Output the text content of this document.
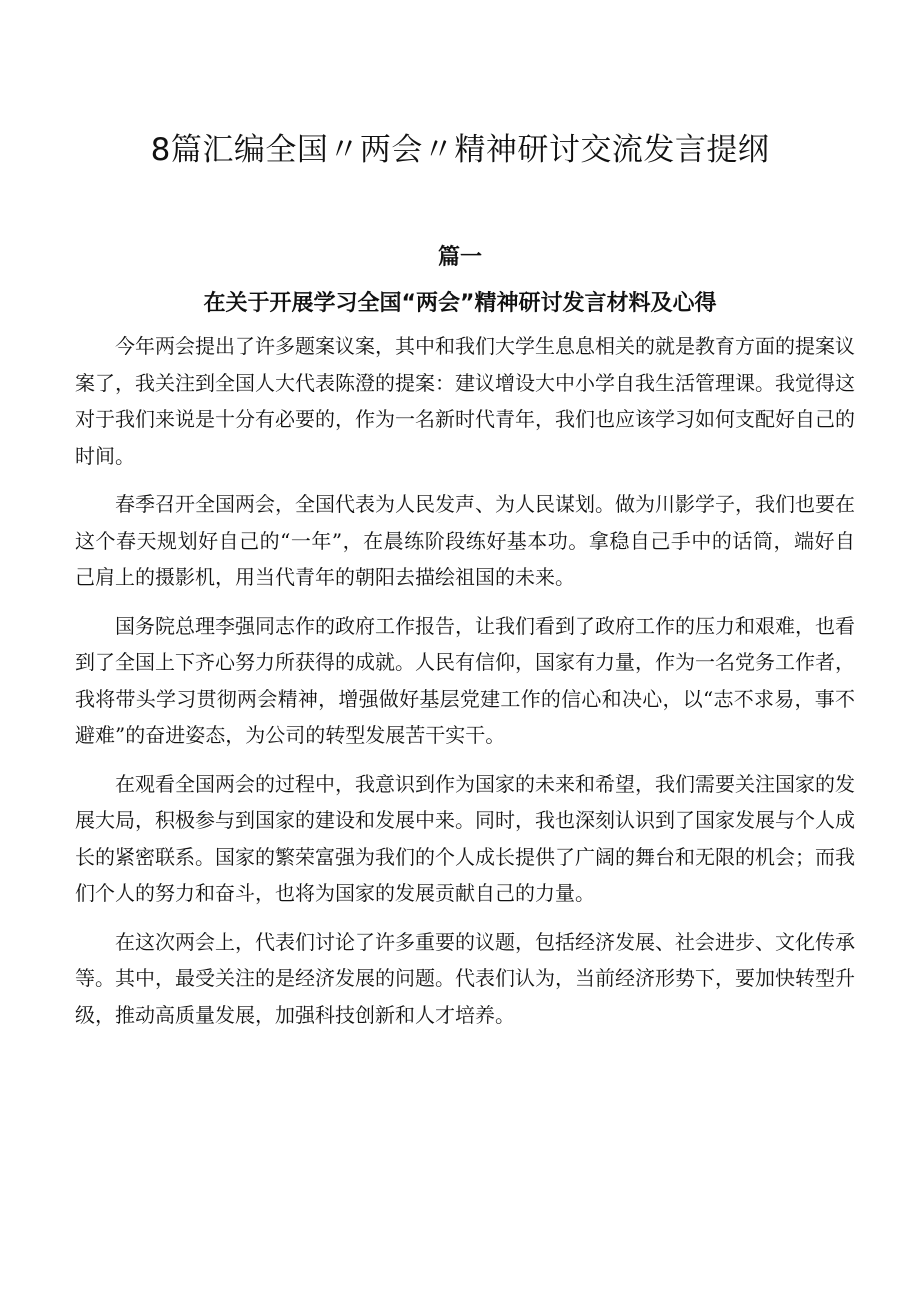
8篇汇编全国〃两会〃精神研讨交流发言提纲
篇一
在关于开展学习全国“两会”精神研讨发言材料及心得

今年两会提出了许多题案议案，其中和我们大学生息息相关的就是教育方面的提案议案了，我关注到全国人大代表陈澄的提案：建议增设大中小学自我生活管理课。我觉得这对于我们来说是十分有必要的，作为一名新时代青年，我们也应该学习如何支配好自己的时间。

春季召开全国两会，全国代表为人民发声、为人民谋划。做为川影学子，我们也要在这个春天规划好自己的“一年”，在晨练阶段练好基本功。拿稳自己手中的话筒，端好自己肩上的摄影机，用当代青年的朝阳去描绘祖国的未来。

国务院总理李强同志作的政府工作报告，让我们看到了政府工作的压力和艰难，也看到了全国上下齐心努力所获得的成就。人民有信仰，国家有力量，作为一名党务工作者，我将带头学习贯彻两会精神，增强做好基层党建工作的信心和决心，以“志不求易，事不避难”的奋进姿态，为公司的转型发展苦干实干。

在观看全国两会的过程中，我意识到作为国家的未来和希望，我们需要关注国家的发展大局，积极参与到国家的建设和发展中来。同时，我也深刻认识到了国家发展与个人成长的紧密联系。国家的繁荣富强为我们的个人成长提供了广阔的舞台和无限的机会；而我们个人的努力和奋斗，也将为国家的发展贡献自己的力量。

在这次两会上，代表们讨论了许多重要的议题，包括经济发展、社会进步、文化传承等。其中，最受关注的是经济发展的问题。代表们认为，当前经济形势下，要加快转型升级，推动高质量发展，加强科技创新和人才培养。
